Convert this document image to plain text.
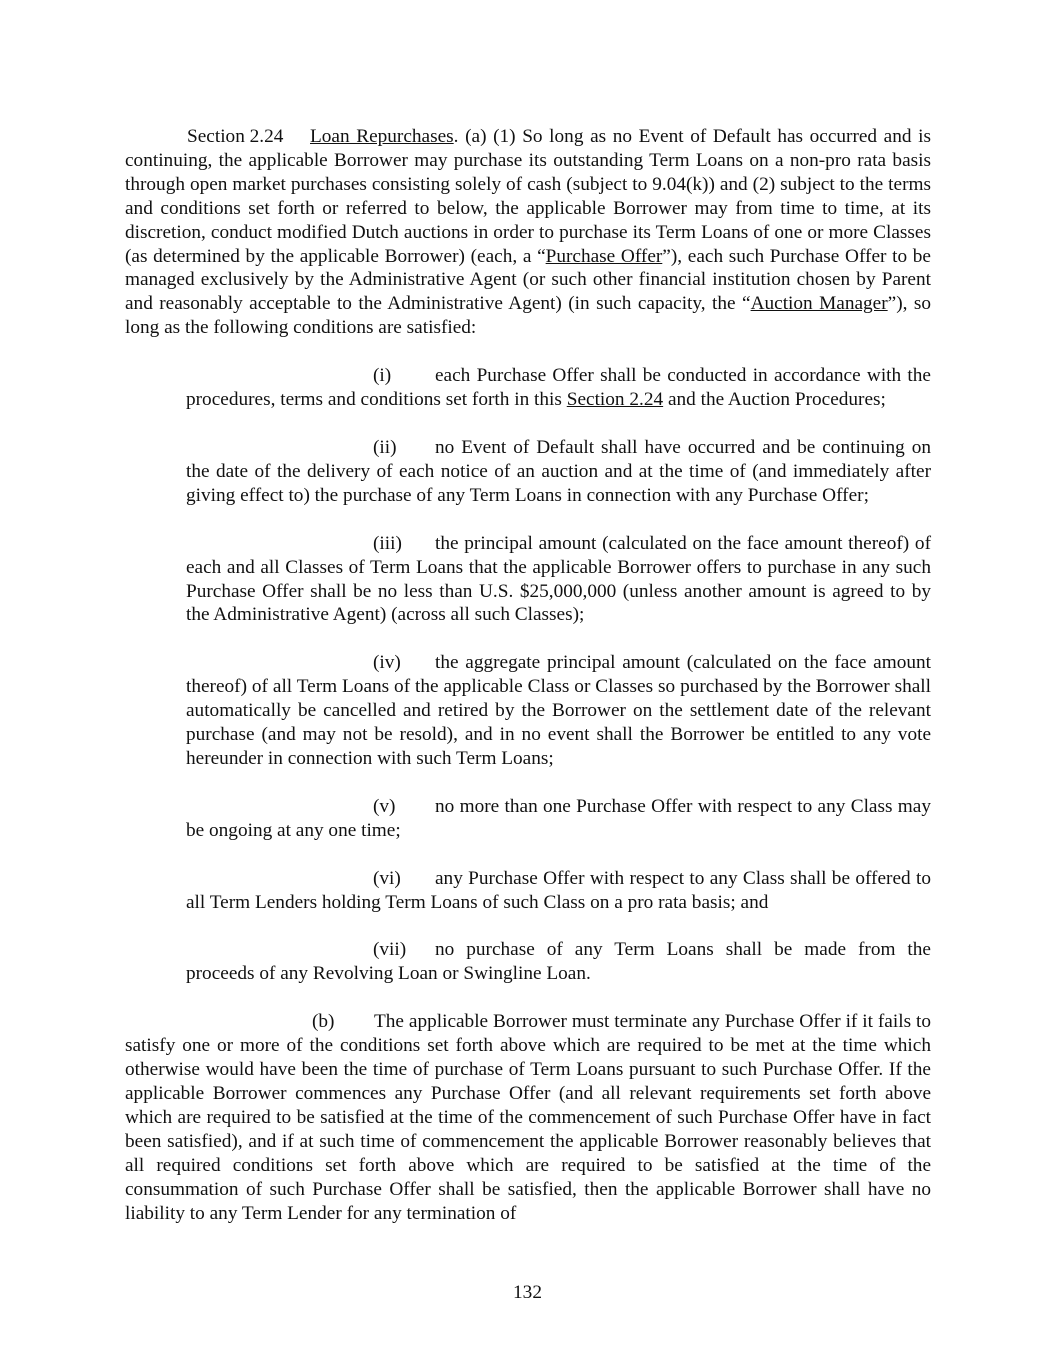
Section 2.24 Loan Repurchases. (a) (1) So long as no Event of Default has occurred and is continuing, the applicable Borrower may purchase its outstanding Term Loans on a non-pro rata basis through open market purchases consisting solely of cash (subject to 9.04(k)) and (2) subject to the terms and conditions set forth or referred to below, the applicable Borrower may from time to time, at its discretion, conduct modified Dutch auctions in order to purchase its Term Loans of one or more Classes (as determined by the applicable Borrower) (each, a “Purchase Offer”), each such Purchase Offer to be managed exclusively by the Administrative Agent (or such other financial institution chosen by Parent and reasonably acceptable to the Administrative Agent) (in such capacity, the “Auction Manager”), so long as the following conditions are satisfied:

(i) each Purchase Offer shall be conducted in accordance with the procedures, terms and conditions set forth in this Section 2.24 and the Auction Procedures;

(ii) no Event of Default shall have occurred and be continuing on the date of the delivery of each notice of an auction and at the time of (and immediately after giving effect to) the purchase of any Term Loans in connection with any Purchase Offer;

(iii) the principal amount (calculated on the face amount thereof) of each and all Classes of Term Loans that the applicable Borrower offers to purchase in any such Purchase Offer shall be no less than U.S. $25,000,000 (unless another amount is agreed to by the Administrative Agent) (across all such Classes);

(iv) the aggregate principal amount (calculated on the face amount thereof) of all Term Loans of the applicable Class or Classes so purchased by the Borrower shall automatically be cancelled and retired by the Borrower on the settlement date of the relevant purchase (and may not be resold), and in no event shall the Borrower be entitled to any vote hereunder in connection with such Term Loans;

(v) no more than one Purchase Offer with respect to any Class may be ongoing at any one time;

(vi) any Purchase Offer with respect to any Class shall be offered to all Term Lenders holding Term Loans of such Class on a pro rata basis; and

(vii) no purchase of any Term Loans shall be made from the proceeds of any Revolving Loan or Swingline Loan.

(b) The applicable Borrower must terminate any Purchase Offer if it fails to satisfy one or more of the conditions set forth above which are required to be met at the time which otherwise would have been the time of purchase of Term Loans pursuant to such Purchase Offer. If the applicable Borrower commences any Purchase Offer (and all relevant requirements set forth above which are required to be satisfied at the time of the commencement of such Purchase Offer have in fact been satisfied), and if at such time of commencement the applicable Borrower reasonably believes that all required conditions set forth above which are required to be satisfied at the time of the consummation of such Purchase Offer shall be satisfied, then the applicable Borrower shall have no liability to any Term Lender for any termination of

132
